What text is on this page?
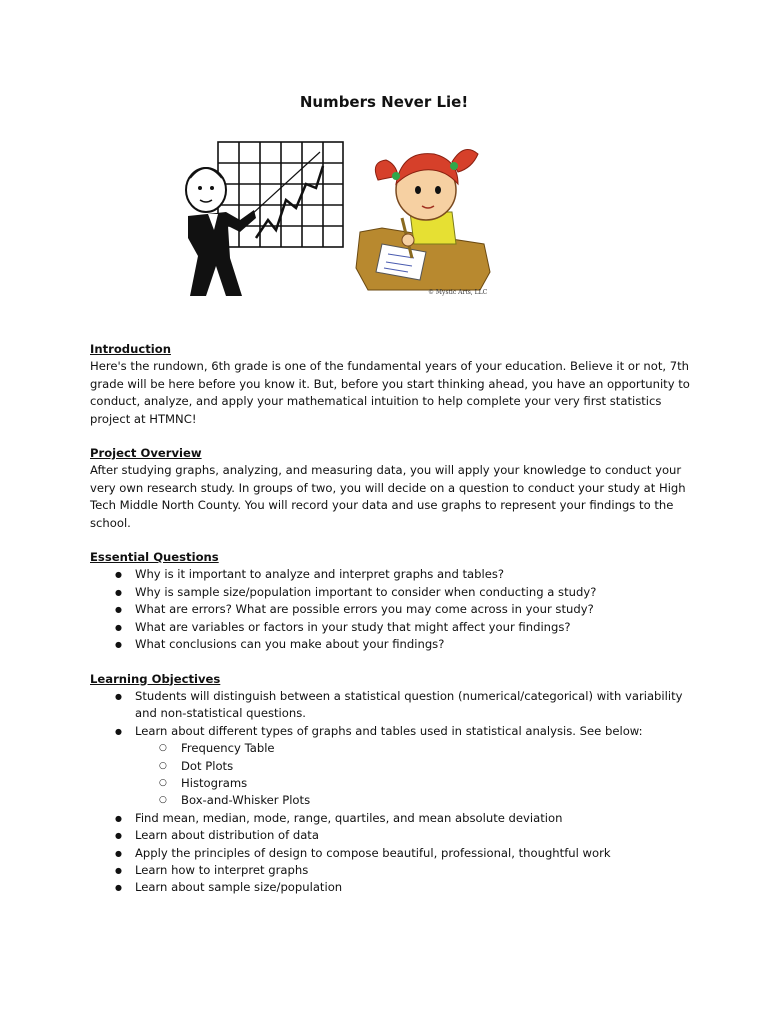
Numbers Never Lie!
© Mystic Arts, LLC

Introduction

Here's the rundown, 6th grade is one of the fundamental years of your education. Believe it or not, 7th grade will be here before you know it. But, before you start thinking ahead, you have an opportunity to conduct, analyze, and apply your mathematical intuition to help complete your very first statistics project at HTMNC!

Project Overview

After studying graphs, analyzing, and measuring data, you will apply your knowledge to conduct your very own research study. In groups of two, you will decide on a question to conduct your study at High Tech Middle North County. You will record your data and use graphs to represent your findings to the school.

Essential Questions

● Why is it important to analyze and interpret graphs and tables?
● Why is sample size/population important to consider when conducting a study?
● What are errors? What are possible errors you may come across in your study?
● What are variables or factors in your study that might affect your findings?
● What conclusions can you make about your findings?

Learning Objectives

● Students will distinguish between a statistical question (numerical/categorical) with variability and non-statistical questions.
● Learn about different types of graphs and tables used in statistical analysis. See below:
○ Frequency Table
○ Dot Plots
○ Histograms
○ Box-and-Whisker Plots
● Find mean, median, mode, range, quartiles, and mean absolute deviation
● Learn about distribution of data
● Apply the principles of design to compose beautiful, professional, thoughtful work
● Learn how to interpret graphs
● Learn about sample size/population
